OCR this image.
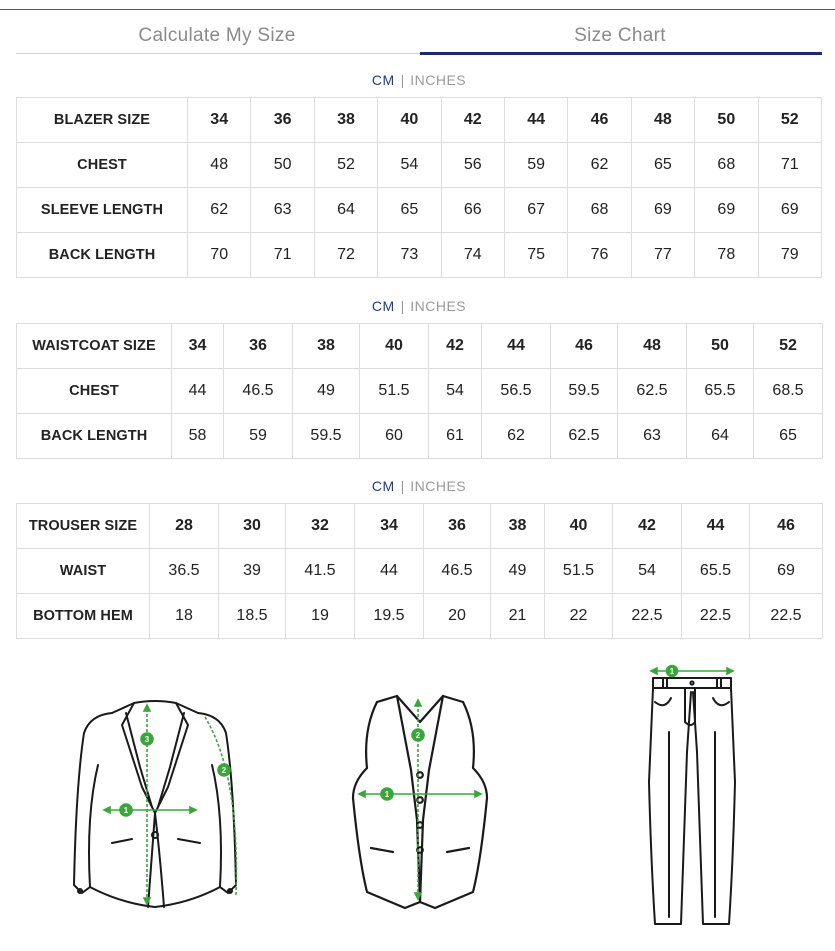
Calculate My Size	Size Chart
CM | INCHES
BLAZER SIZE	34	36	38	40	42	44	46	48	50	52
CHEST	48	50	52	54	56	59	62	65	68	71
SLEEVE LENGTH	62	63	64	65	66	67	68	69	69	69
BACK LENGTH	70	71	72	73	74	75	76	77	78	79
CM | INCHES
WAISTCOAT SIZE	34	36	38	40	42	44	46	48	50	52
CHEST	44	46.5	49	51.5	54	56.5	59.5	62.5	65.5	68.5
BACK LENGTH	58	59	59.5	60	61	62	62.5	63	64	65
CM | INCHES
TROUSER SIZE	28	30	32	34	36	38	40	42	44	46
WAIST	36.5	39	41.5	44	46.5	49	51.5	54	65.5	69
BOTTOM HEM	18	18.5	19	19.5	20	21	22	22.5	22.5	22.5
1
3
2
1
2
1
